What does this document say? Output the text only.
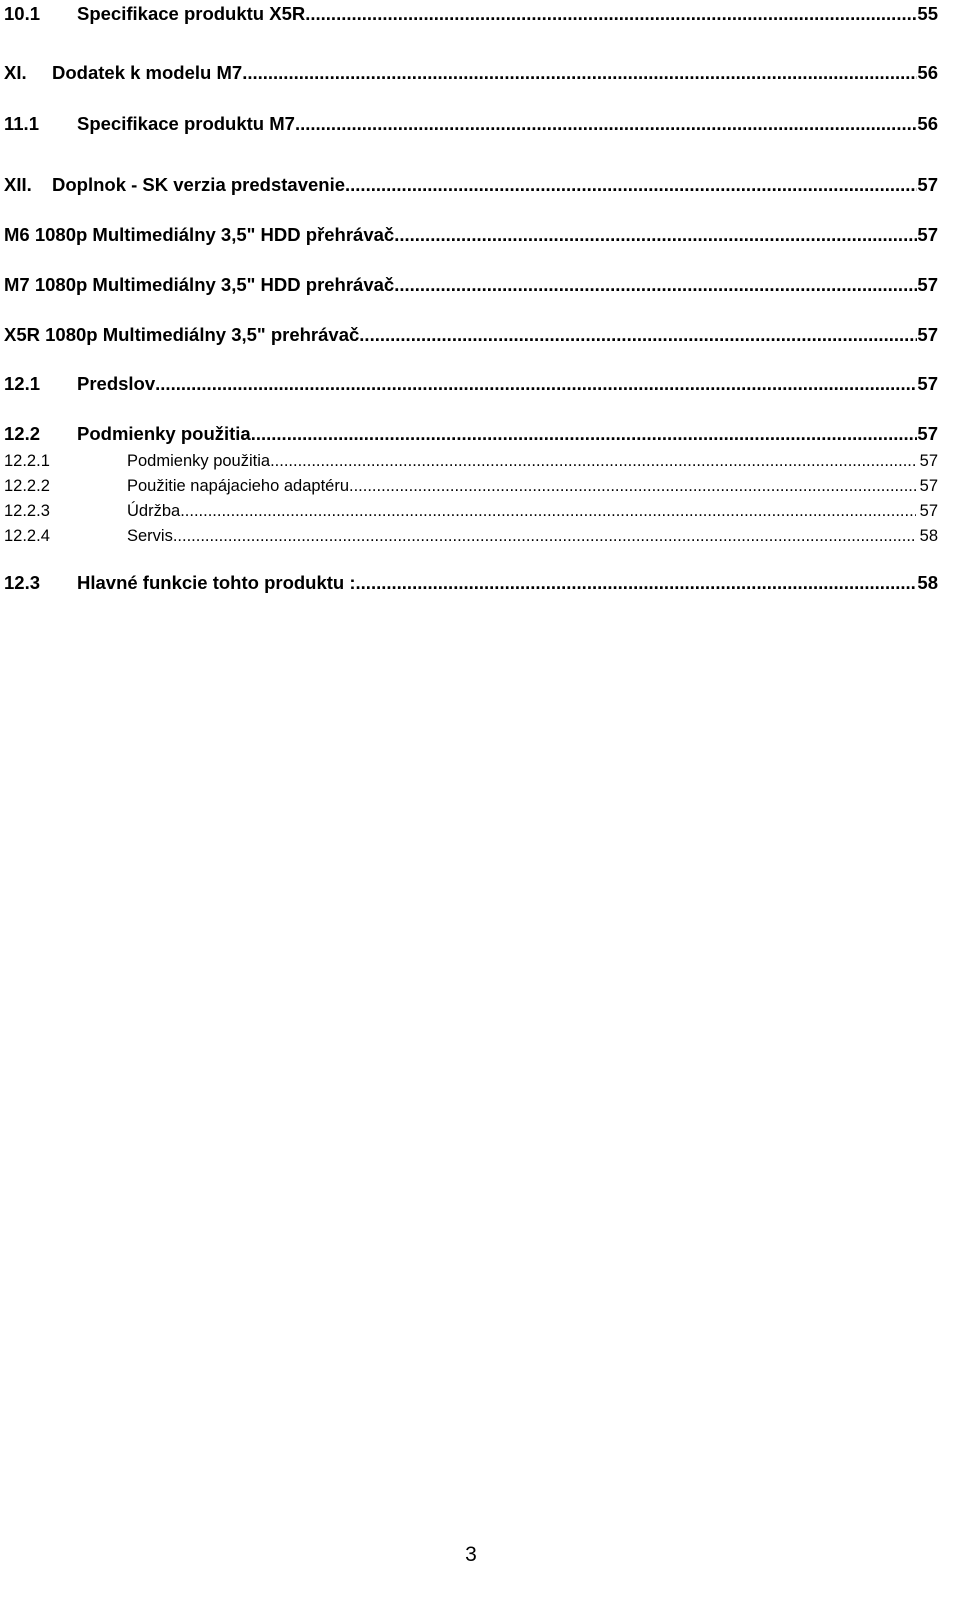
10.1	Specifikace produktu X5R .....	55
XI.	Dodatek k modelu M7 .....	56
11.1	Specifikace produktu M7 .....	56
XII.	Doplnok - SK verzia predstavenie .....	57
M6 1080p Multimediálny 3,5" HDD přehrávač .....	57
M7 1080p Multimediálny 3,5" HDD prehrávač .....	57
X5R 1080p Multimediálny 3,5" prehrávač .....	57
12.1	Predslov .....	57
12.2	Podmienky použitia .....	57
12.2.1	Podmienky použitia .....	57
12.2.2	Použitie napájacieho adaptéru .....	57
12.2.3	Údržba .....	57
12.2.4	Servis .....	58
12.3	Hlavné funkcie tohto produktu : .....	58
3
